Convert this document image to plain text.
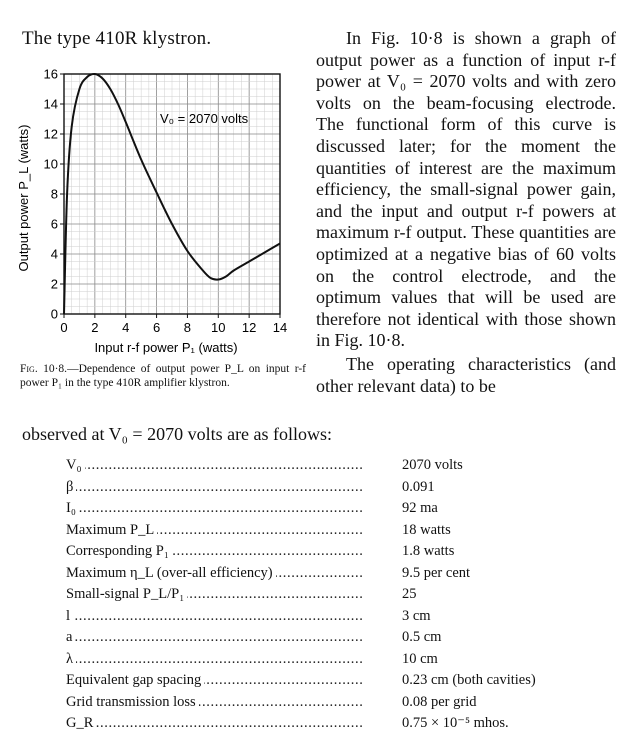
The type 410R klystron.
0 2 4 6 8 10 12 14
0
2
4
6
8
10
12
14
16
V₀ = 2070 volts
Input r-f power P₁ (watts)
Output power P_L (watts)
Fig. 10·8.—Dependence of output power P_L on input r-f power P₁ in the type 410R amplifier klystron.

In Fig. 10·8 is shown a graph of output power as a function of input r-f power at V₀ = 2070 volts and with zero volts on the beam-focusing electrode. The functional form of this curve is discussed later; for the moment the quantities of interest are the maximum efficiency, the small-signal power gain, and the input and output r-f powers at maximum r-f output. These quantities are optimized at a negative bias of 60 volts on the control electrode, and the optimum values that will be used are therefore not identical with those shown in Fig. 10·8.

The operating characteristics (and other relevant data) to be

observed at V₀ = 2070 volts are as follows:
V₀ . . .	2070 volts
β . . .	0.091
I₀ . . .	92 ma
Maximum P_L . . .	18 watts
Corresponding P₁ . . .	1.8 watts
Maximum η_L (over-all efficiency) . . .	9.5 per cent
Small-signal P_L/P₁ . . .	25
l . . .	3 cm
a . . .	0.5 cm
λ . . .	10 cm
Equivalent gap spacing . . .	0.23 cm (both cavities)
Grid transmission loss . . .	0.08 per grid
G_R . . .	0.75 × 10⁻⁵ mhos.
